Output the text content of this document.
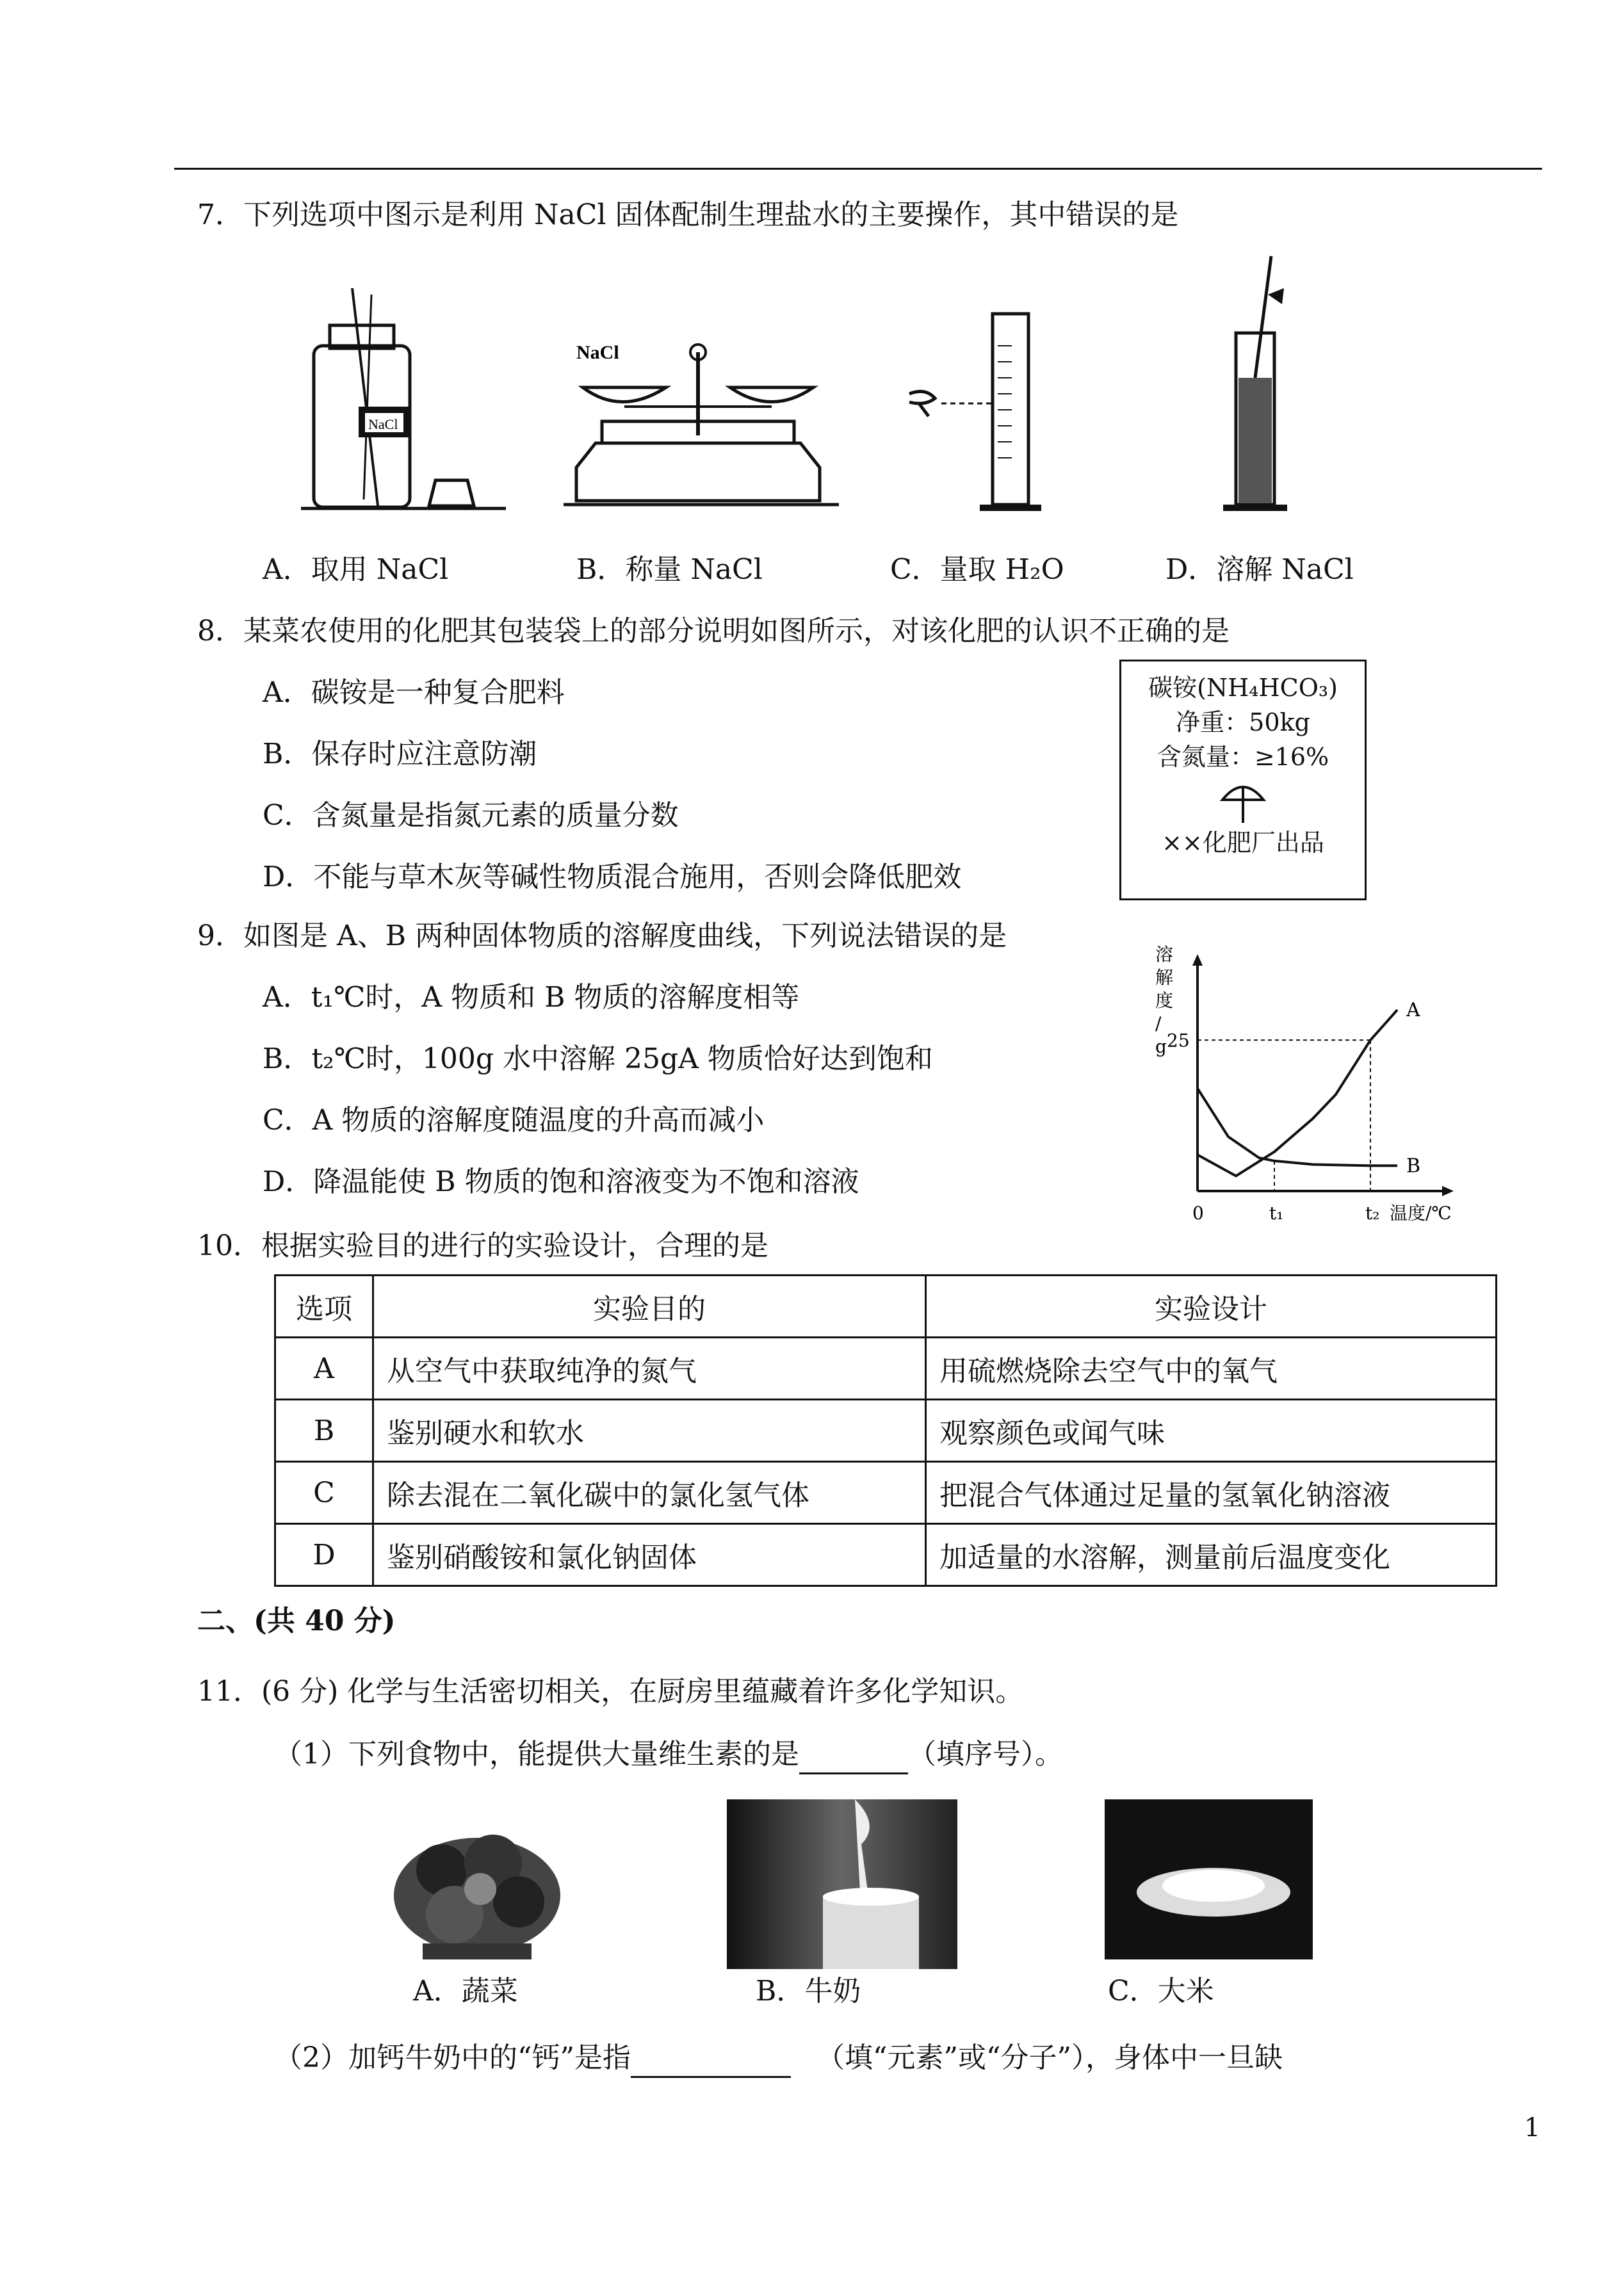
7．下列选项中图示是利用 NaCl 固体配制生理盐水的主要操作，其中错误的是
NaCl
NaCl
A．取用 NaCl	B．称量 NaCl	C．量取 H₂O	D．溶解 NaCl
8．某菜农使用的化肥其包装袋上的部分说明如图所示，对该化肥的认识不正确的是
A．碳铵是一种复合肥料
B．保存时应注意防潮
C．含氮量是指氮元素的质量分数
D．不能与草木灰等碱性物质混合施用，否则会降低肥效
碳铵(NH₄HCO₃)
净重：50kg
含氮量：≥16%
××化肥厂出品
9．如图是 A、B 两种固体物质的溶解度曲线，下列说法错误的是
A．t₁℃时，A 物质和 B 物质的溶解度相等
B．t₂℃时，100g 水中溶解 25gA 物质恰好达到饱和
C．A 物质的溶解度随温度的升高而减小
D．降温能使 B 物质的饱和溶液变为不饱和溶液
溶
解
度
/
g
A
B
0	t₁	t₂
25
温度/℃
10．根据实验目的进行的实验设计，合理的是
选项	实验目的	实验设计
A	从空气中获取纯净的氮气	用硫燃烧除去空气中的氧气
B	鉴别硬水和软水	观察颜色或闻气味
C	除去混在二氧化碳中的氯化氢气体	把混合气体通过足量的氢氧化钠溶液
D	鉴别硝酸铵和氯化钠固体	加适量的水溶解，测量前后温度变化
二、(共 40 分)
11．(6 分) 化学与生活密切相关，在厨房里蕴藏着许多化学知识。
（1）下列食物中，能提供大量维生素的是	（填序号）。
A．蔬菜	B．牛奶	C．大米
（2）加钙牛奶中的“钙”是指	（填“元素”或“分子”），身体中一旦缺
1
